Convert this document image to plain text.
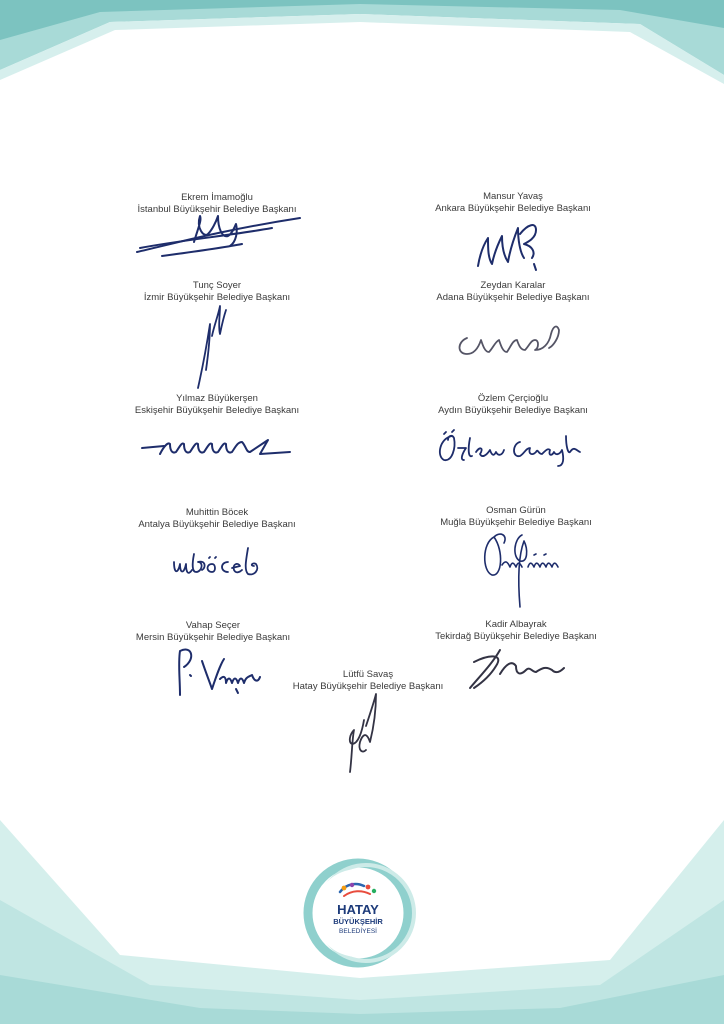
Ekrem İmamoğlu
İstanbul Büyükşehir Belediye Başkanı
Mansur Yavaş
Ankara Büyükşehir Belediye Başkanı
Tunç Soyer
İzmir Büyükşehir Belediye Başkanı
Zeydan Karalar
Adana Büyükşehir Belediye Başkanı
Yılmaz Büyükerşen
Eskişehir Büyükşehir Belediye Başkanı
Özlem Çerçioğlu
Aydın Büyükşehir Belediye Başkanı
Muhittin Böcek
Antalya Büyükşehir Belediye Başkanı
Osman Gürün
Muğla Büyükşehir Belediye Başkanı
Vahap Seçer
Mersin Büyükşehir Belediye Başkanı
Kadir Albayrak
Tekirdağ Büyükşehir Belediye Başkanı
Lütfü Savaş
Hatay Büyükşehir Belediye Başkanı
HATAY
BÜYÜKŞEHİR
BELEDİYESİ
